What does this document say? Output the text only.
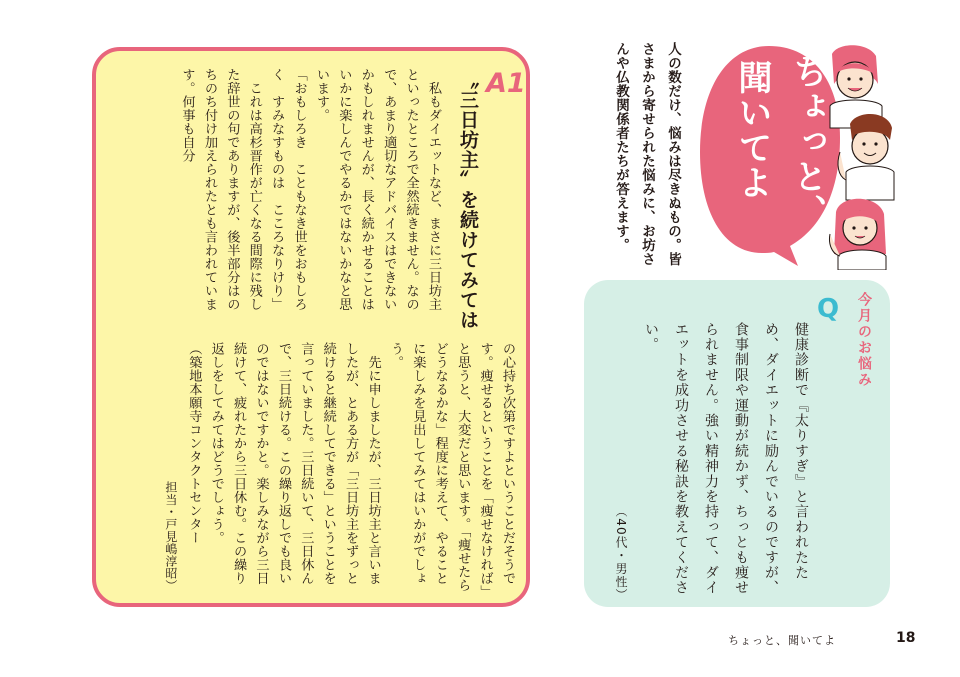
A1
〝三日坊主〟を続けてみては

　私もダイエットなど、まさに三日坊主といったところで全然続きません。なので、あまり適切なアドバイスはできないかもしれませんが、長く続かせることはいかに楽しんでやるかではないかなと思います。

「おもしろき　こともなき世をおもしろく　すみなすものは　こころなりけり」

　これは高杉晋作が亡くなる間際に残した辞世の句でありますが、後半部分はのちのち付け加えられたとも言われています。何事も自分

の心持ち次第ですよということだそうです。痩せるということを「痩せなければ」と思うと、大変だと思います。「痩せたらどうなるかな」程度に考えて、やることに楽しみを見出してみてはいかがでしょう。

　先に申しましたが、三日坊主と言いましたが、とある方が「三日坊主をずっと続けると継続してできる」ということを言っていました。三日続いて、三日休んで、三日続ける。この繰り返しでも良いのではないですかと。楽しみながら三日続けて、疲れたから三日休む。この繰り返しをしてみてはどうでしょう。

（築地本願寺コンタクトセンター

担当・戸見嶋淳昭）

人の数だけ、悩みは尽きぬもの。皆さまから寄せられた悩みに、お坊さんや仏教関係者たちが答えます。	ちょっと、
聞いてよ
今月のお悩み
Q

健康診断で『太りすぎ』と言われたため、ダイエットに励んでいるのですが、食事制限や運動が続かず、ちっとも痩せられません。強い精神力を持って、ダイエットを成功させる秘訣を教えてください。

（40代・男性）

ちょっと、聞いてよ	18
